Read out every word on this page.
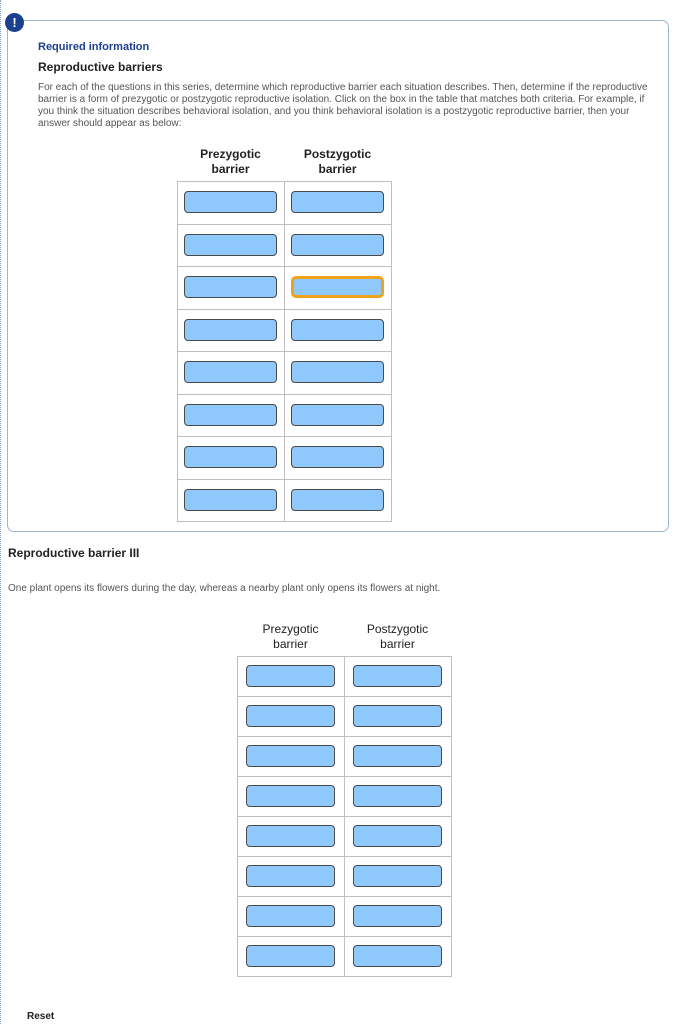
Required information
Reproductive barriers
For each of the questions in this series, determine which reproductive barrier each situation describes. Then, determine if the reproductive barrier is a form of prezygotic or postzygotic reproductive isolation. Click on the box in the table that matches both criteria. For example, if you think the situation describes behavioral isolation, and you think behavioral isolation is a postzygotic reproductive barrier, then your answer should appear as below:
Prezygotic
barrier
Postzygotic
barrier
!
Reproductive barrier III
One plant opens its flowers during the day, whereas a nearby plant only opens its flowers at night.
Prezygotic
barrier
Postzygotic
barrier
Reset
